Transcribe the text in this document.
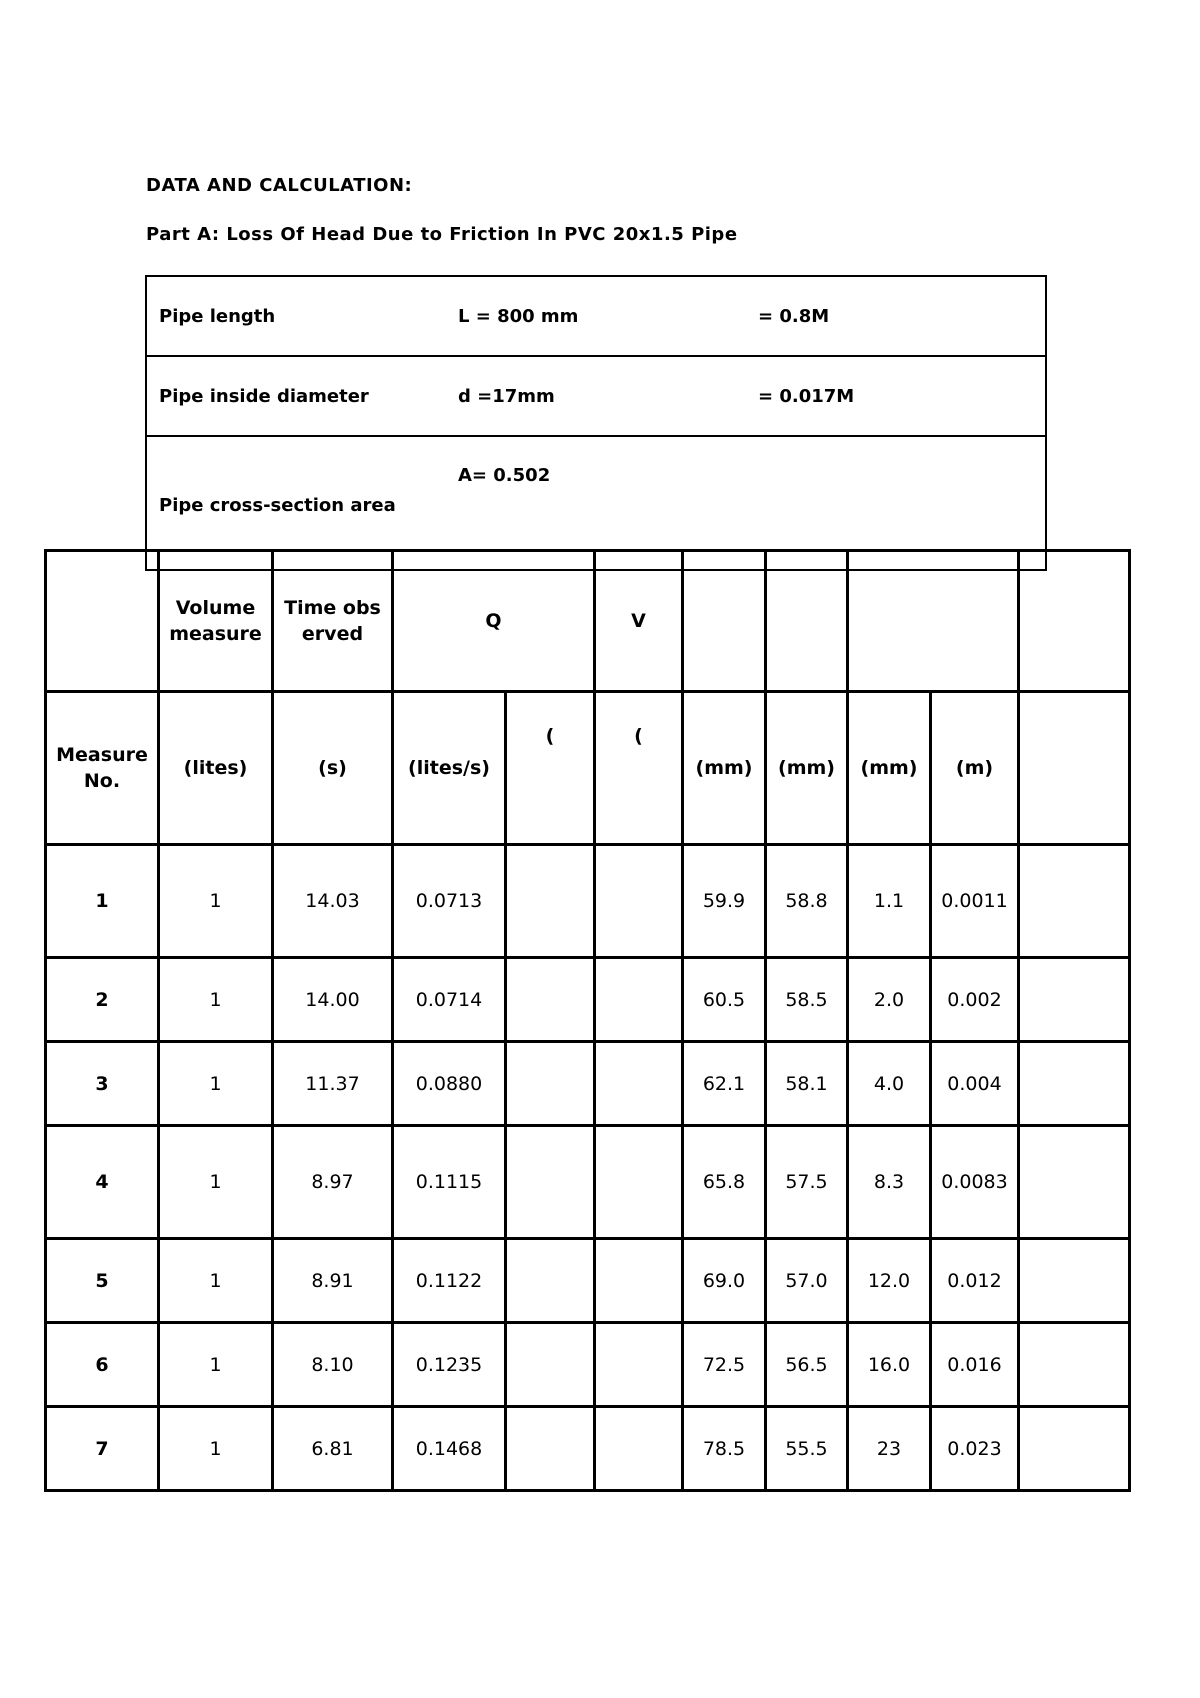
DATA AND CALCULATION:
Part A: Loss Of Head Due to Friction In PVC 20x1.5 Pipe
Pipe length	L = 800 mm	= 0.8M
Pipe inside diameter	d =17mm	= 0.017M
Pipe cross-section area	A= 0.502	
	Volume measure	Time observed	Q		V					
Measure No.	(lites)	(s)	(lites/s)	(	(	(mm)	(mm)	(mm)	(m)	
1	1	14.03	0.0713			59.9	58.8	1.1	0.0011	
2	1	14.00	0.0714			60.5	58.5	2.0	0.002	
3	1	11.37	0.0880			62.1	58.1	4.0	0.004	
4	1	8.97	0.1115			65.8	57.5	8.3	0.0083	
5	1	8.91	0.1122			69.0	57.0	12.0	0.012	
6	1	8.10	0.1235			72.5	56.5	16.0	0.016	
7	1	6.81	0.1468			78.5	55.5	23	0.023	
